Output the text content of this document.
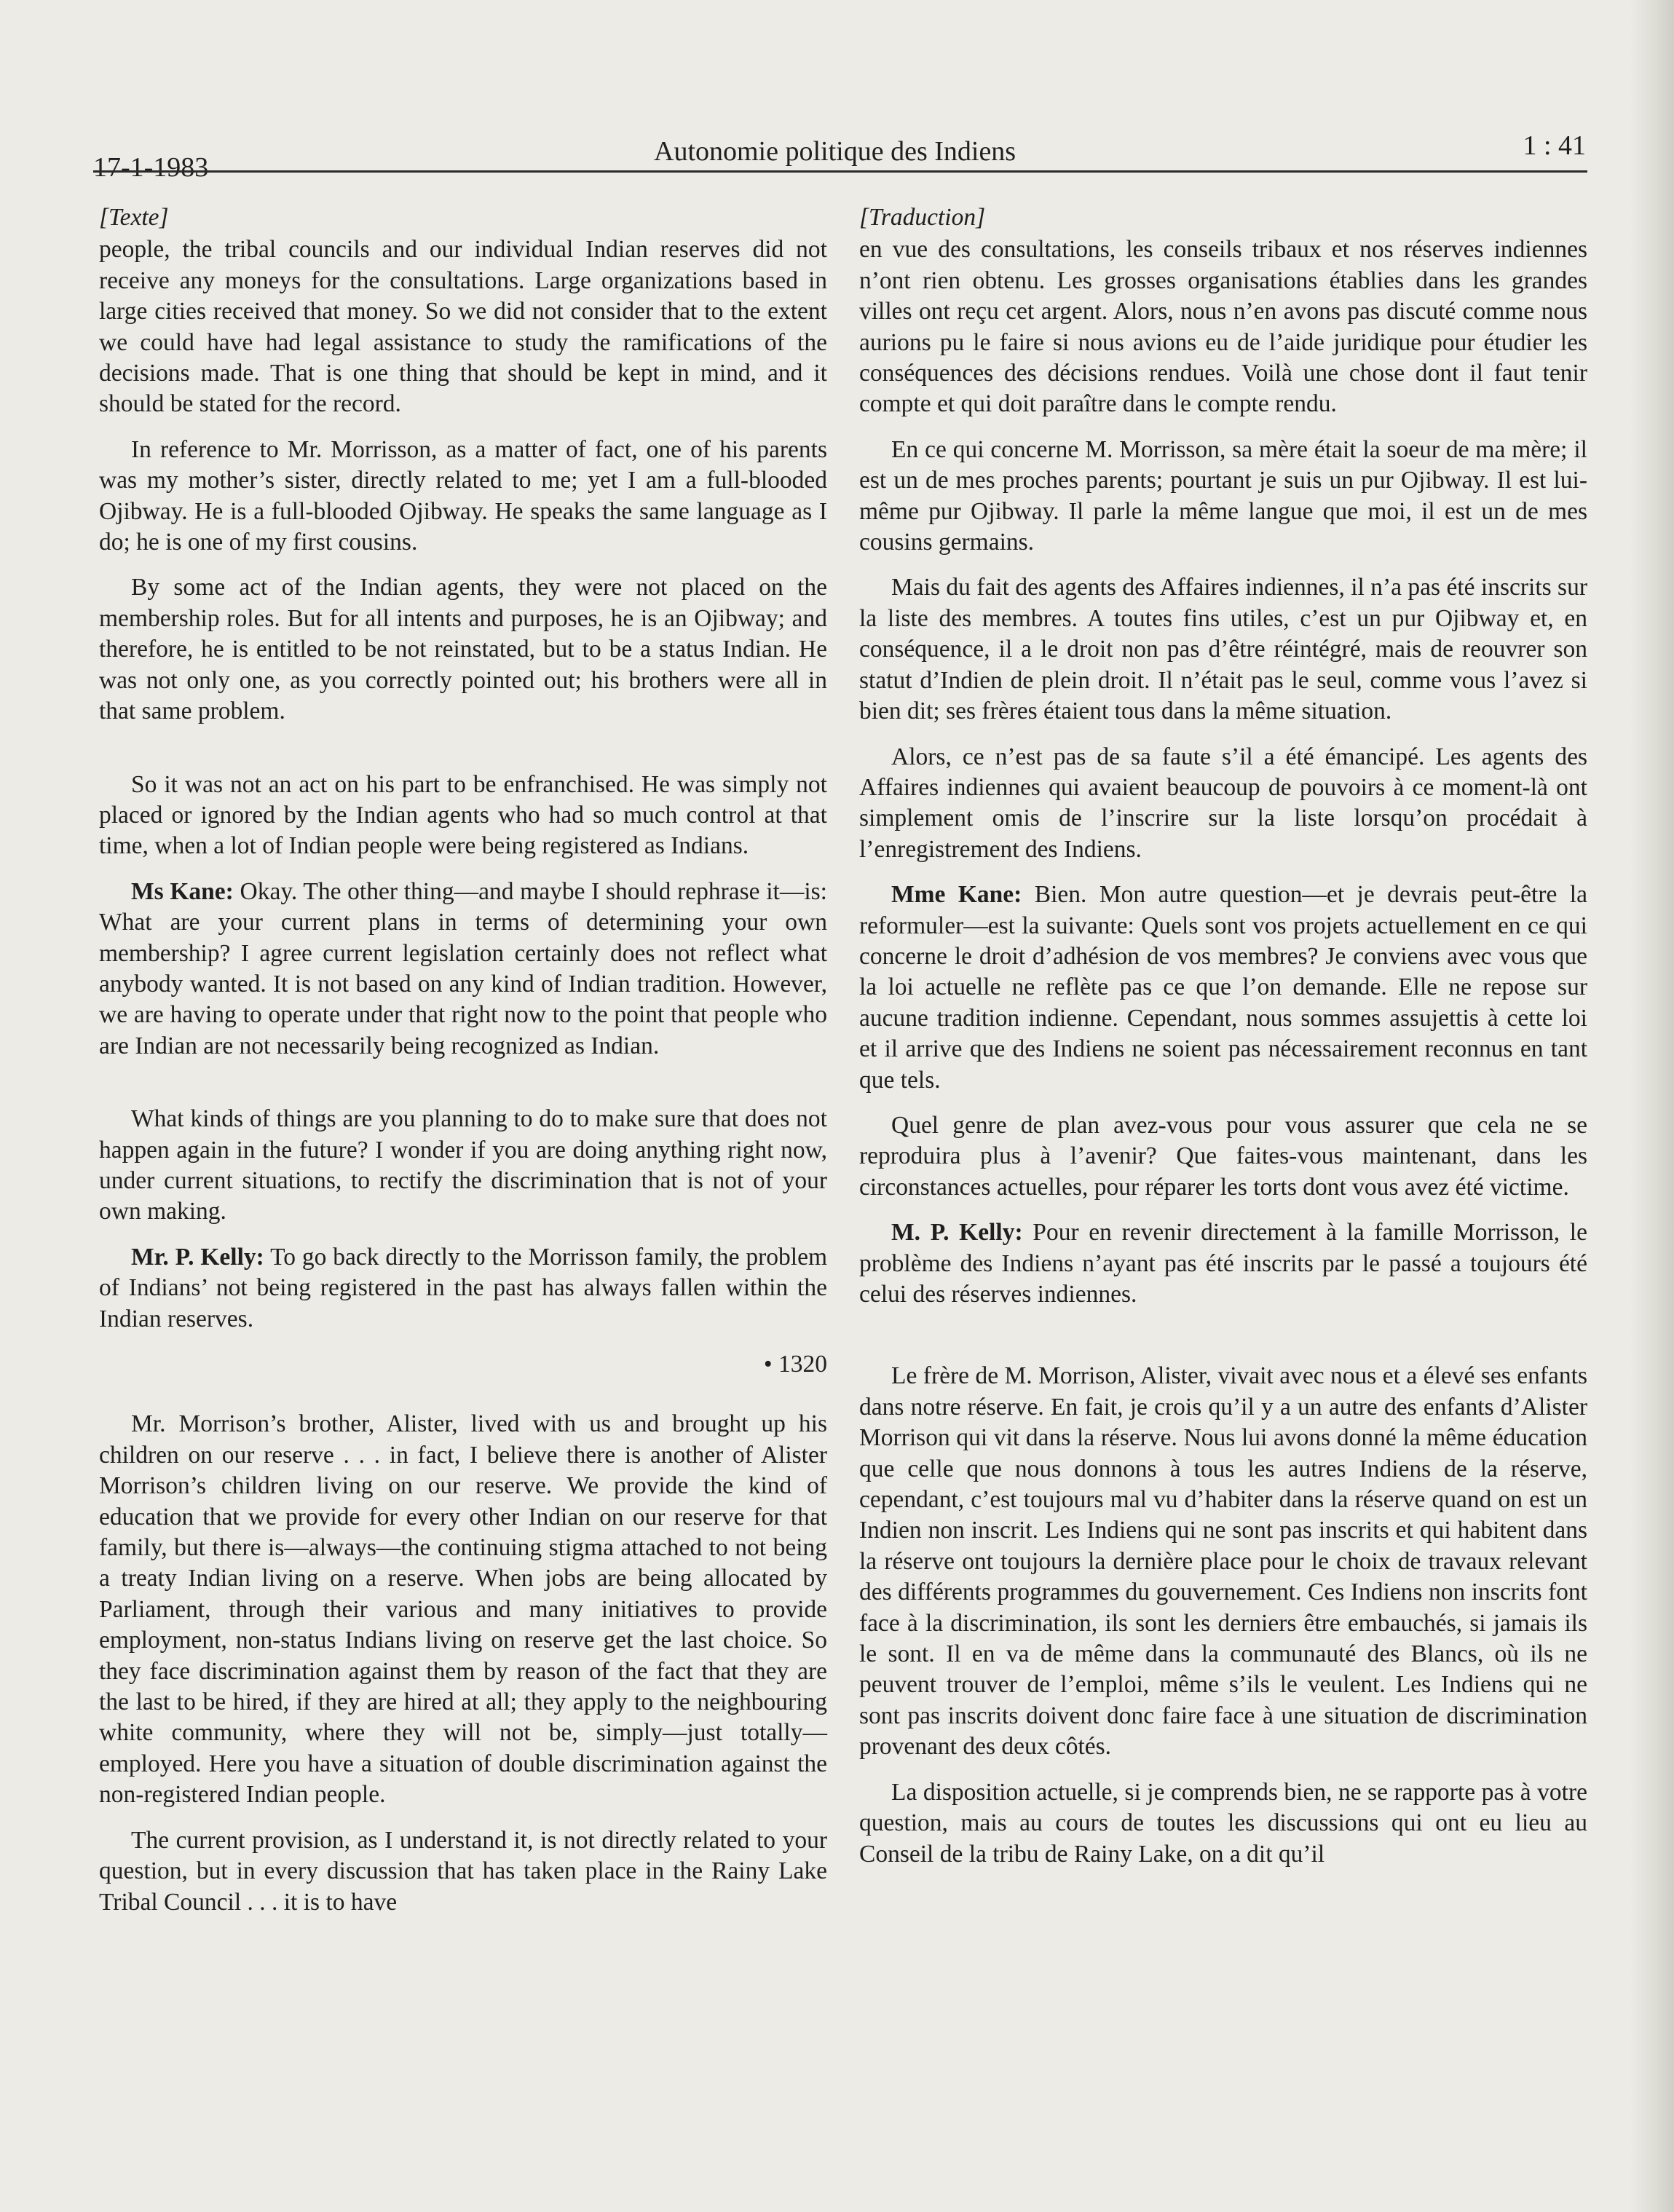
17-1-1983
Autonomie politique des Indiens	1 : 41
[Texte]

people, the tribal councils and our individual Indian reserves did not receive any moneys for the consultations. Large organizations based in large cities received that money. So we did not consider that to the extent we could have had legal assistance to study the ramifications of the decisions made. That is one thing that should be kept in mind, and it should be stated for the record.

In reference to Mr. Morrisson, as a matter of fact, one of his parents was my mother’s sister, directly related to me; yet I am a full-blooded Ojibway. He is a full-blooded Ojibway. He speaks the same language as I do; he is one of my first cousins.

By some act of the Indian agents, they were not placed on the membership roles. But for all intents and purposes, he is an Ojibway; and therefore, he is entitled to be not reinstated, but to be a status Indian. He was not only one, as you correctly pointed out; his brothers were all in that same problem.

So it was not an act on his part to be enfranchised. He was simply not placed or ignored by the Indian agents who had so much control at that time, when a lot of Indian people were being registered as Indians.

Ms Kane: Okay. The other thing—and maybe I should rephrase it—is: What are your current plans in terms of determining your own membership? I agree current legislation certainly does not reflect what anybody wanted. It is not based on any kind of Indian tradition. However, we are having to operate under that right now to the point that people who are Indian are not necessarily being recognized as Indian.

What kinds of things are you planning to do to make sure that does not happen again in the future? I wonder if you are doing anything right now, under current situations, to rectify the discrimination that is not of your own making.

Mr. P. Kelly: To go back directly to the Morrisson family, the problem of Indians’ not being registered in the past has always fallen within the Indian reserves.

• 1320

Mr. Morrison’s brother, Alister, lived with us and brought up his children on our reserve . . . in fact, I believe there is another of Alister Morrison’s children living on our reserve. We provide the kind of education that we provide for every other Indian on our reserve for that family, but there is—always—the continuing stigma attached to not being a treaty Indian living on a reserve. When jobs are being allocated by Parliament, through their various and many initiatives to provide employment, non-status Indians living on reserve get the last choice. So they face discrimination against them by reason of the fact that they are the last to be hired, if they are hired at all; they apply to the neighbouring white community, where they will not be, simply—just totally—employed. Here you have a situation of double discrimination against the non-registered Indian people.

The current provision, as I understand it, is not directly related to your question, but in every discussion that has taken place in the Rainy Lake Tribal Council . . . it is to have

[Traduction]

en vue des consultations, les conseils tribaux et nos réserves indiennes n’ont rien obtenu. Les grosses organisations établies dans les grandes villes ont reçu cet argent. Alors, nous n’en avons pas discuté comme nous aurions pu le faire si nous avions eu de l’aide juridique pour étudier les conséquences des décisions rendues. Voilà une chose dont il faut tenir compte et qui doit paraître dans le compte rendu.

En ce qui concerne M. Morrisson, sa mère était la soeur de ma mère; il est un de mes proches parents; pourtant je suis un pur Ojibway. Il est lui-même pur Ojibway. Il parle la même langue que moi, il est un de mes cousins germains.

Mais du fait des agents des Affaires indiennes, il n’a pas été inscrits sur la liste des membres. A toutes fins utiles, c’est un pur Ojibway et, en conséquence, il a le droit non pas d’être réintégré, mais de reouvrer son statut d’Indien de plein droit. Il n’était pas le seul, comme vous l’avez si bien dit; ses frères étaient tous dans la même situation.

Alors, ce n’est pas de sa faute s’il a été émancipé. Les agents des Affaires indiennes qui avaient beaucoup de pouvoirs à ce moment-là ont simplement omis de l’inscrire sur la liste lorsqu’on procédait à l’enregistrement des Indiens.

Mme Kane: Bien. Mon autre question—et je devrais peut-être la reformuler—est la suivante: Quels sont vos projets actuellement en ce qui concerne le droit d’adhésion de vos membres? Je conviens avec vous que la loi actuelle ne reflète pas ce que l’on demande. Elle ne repose sur aucune tradition indienne. Cependant, nous sommes assujettis à cette loi et il arrive que des Indiens ne soient pas nécessairement reconnus en tant que tels.

Quel genre de plan avez-vous pour vous assurer que cela ne se reproduira plus à l’avenir? Que faites-vous maintenant, dans les circonstances actuelles, pour réparer les torts dont vous avez été victime.

M. P. Kelly: Pour en revenir directement à la famille Morrisson, le problème des Indiens n’ayant pas été inscrits par le passé a toujours été celui des réserves indiennes.

Le frère de M. Morrison, Alister, vivait avec nous et a élevé ses enfants dans notre réserve. En fait, je crois qu’il y a un autre des enfants d’Alister Morrison qui vit dans la réserve. Nous lui avons donné la même éducation que celle que nous donnons à tous les autres Indiens de la réserve, cependant, c’est toujours mal vu d’habiter dans la réserve quand on est un Indien non inscrit. Les Indiens qui ne sont pas inscrits et qui habitent dans la réserve ont toujours la dernière place pour le choix de travaux relevant des différents programmes du gouvernement. Ces Indiens non inscrits font face à la discrimination, ils sont les derniers être embauchés, si jamais ils le sont. Il en va de même dans la communauté des Blancs, où ils ne peuvent trouver de l’emploi, même s’ils le veulent. Les Indiens qui ne sont pas inscrits doivent donc faire face à une situation de discrimination provenant des deux côtés.

La disposition actuelle, si je comprends bien, ne se rapporte pas à votre question, mais au cours de toutes les discussions qui ont eu lieu au Conseil de la tribu de Rainy Lake, on a dit qu’il
